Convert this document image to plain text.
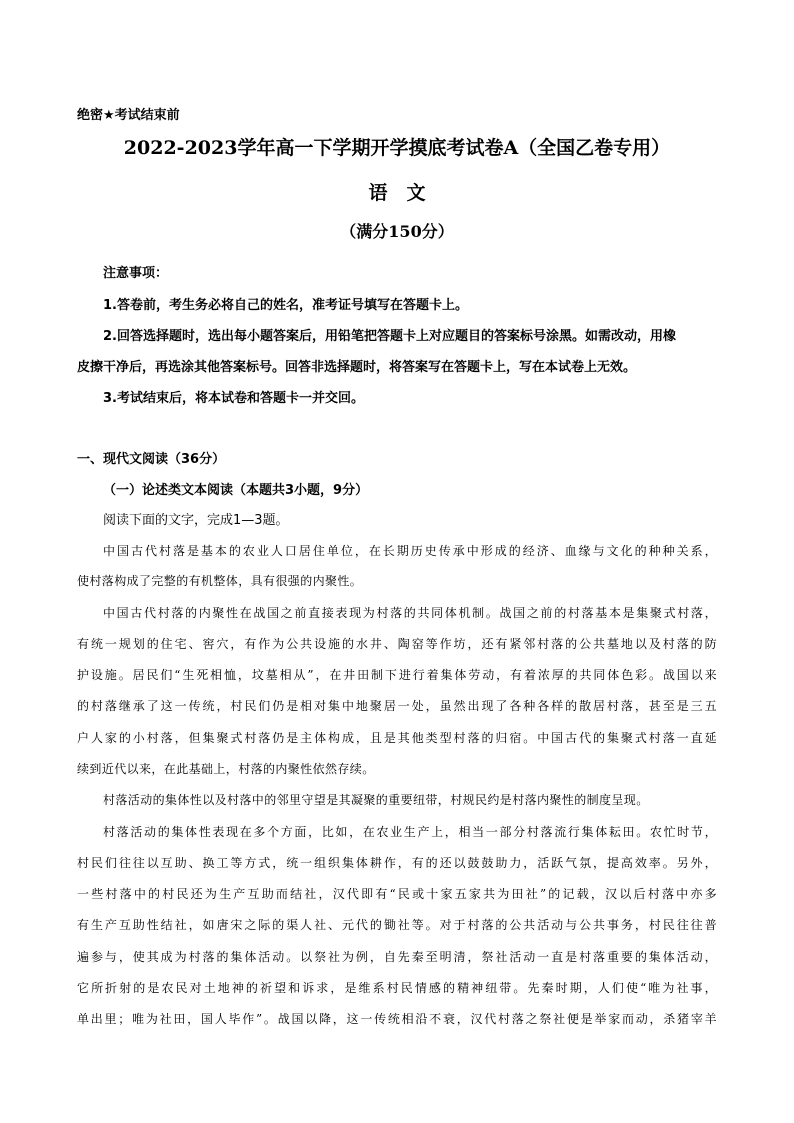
绝密★考试结束前
2022-2023学年高一下学期开学摸底考试卷A（全国乙卷专用）
语　文
（满分150分）
注意事项：
1.答卷前，考生务必将自己的姓名，准考证号填写在答题卡上。
2.回答选择题时，选出每小题答案后，用铅笔把答题卡上对应题目的答案标号涂黑。如需改动，用橡
皮擦干净后，再选涂其他答案标号。回答非选择题时，将答案写在答题卡上，写在本试卷上无效。
3.考试结束后，将本试卷和答题卡一并交回。
一、现代文阅读（36分）
（一）论述类文本阅读（本题共3小题，9分）
阅读下面的文字，完成1—3题。
中国古代村落是基本的农业人口居住单位，在长期历史传承中形成的经济、血缘与文化的种种关系，
使村落构成了完整的有机整体，具有很强的内聚性。
中国古代村落的内聚性在战国之前直接表现为村落的共同体机制。战国之前的村落基本是集聚式村落，
有统一规划的住宅、窖穴，有作为公共设施的水井、陶窑等作坊，还有紧邻村落的公共墓地以及村落的防
护设施。居民们“生死相恤，坟墓相从”，在井田制下进行着集体劳动，有着浓厚的共同体色彩。战国以来
的村落继承了这一传统，村民们仍是相对集中地聚居一处，虽然出现了各种各样的散居村落，甚至是三五
户人家的小村落，但集聚式村落仍是主体构成，且是其他类型村落的归宿。中国古代的集聚式村落一直延
续到近代以来，在此基础上，村落的内聚性依然存续。
村落活动的集体性以及村落中的邻里守望是其凝聚的重要纽带，村规民约是村落内聚性的制度呈现。
村落活动的集体性表现在多个方面，比如，在农业生产上，相当一部分村落流行集体耘田。农忙时节，
村民们往往以互助、换工等方式，统一组织集体耕作，有的还以鼓鼓助力，活跃气氛，提高效率。另外，
一些村落中的村民还为生产互助而结社，汉代即有“民或十家五家共为田社”的记载，汉以后村落中亦多
有生产互助性结社，如唐宋之际的渠人社、元代的锄社等。对于村落的公共活动与公共事务，村民往往普
遍参与，使其成为村落的集体活动。以祭社为例，自先秦至明清，祭社活动一直是村落重要的集体活动，
它所折射的是农民对土地神的祈望和诉求，是维系村民情感的精神纽带。先秦时期，人们使“唯为社事，
单出里；唯为社田，国人毕作”。战国以降，这一传统相沿不衰，汉代村落之祭社便是举家而动，杀猪宰羊
